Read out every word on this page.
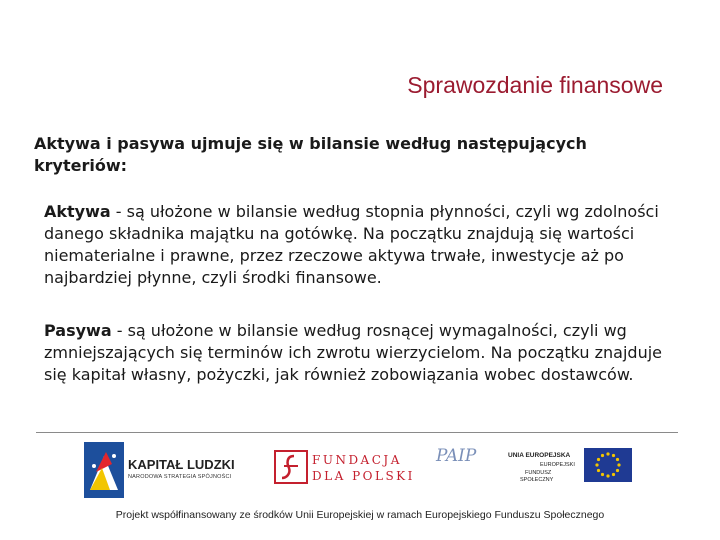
Sprawozdanie finansowe
Aktywa i pasywa ujmuje się w bilansie według następujących kryteriów:
Aktywa - są ułożone w bilansie według stopnia płynności, czyli wg zdolności danego składnika majątku na gotówkę. Na początku znajdują się wartości niematerialne i prawne, przez rzeczowe aktywa trwałe, inwestycje aż po najbardziej płynne, czyli środki finansowe.
Pasywa - są ułożone w bilansie według rosnącej wymagalności, czyli wg zmniejszających się terminów ich zwrotu wierzycielom. Na początku znajduje się kapitał własny, pożyczki, jak również zobowiązania wobec dostawców.
KAPITAŁ LUDZKI
NARODOWA STRATEGIA SPÓJNOŚCI
FUNDACJA
DLA POLSKI
PAIP	UNIA EUROPEJSKA
EUROPEJSKI
FUNDUSZ
SPOŁECZNY
Projekt współfinansowany ze środków Unii Europejskiej w ramach Europejskiego Funduszu Społecznego
